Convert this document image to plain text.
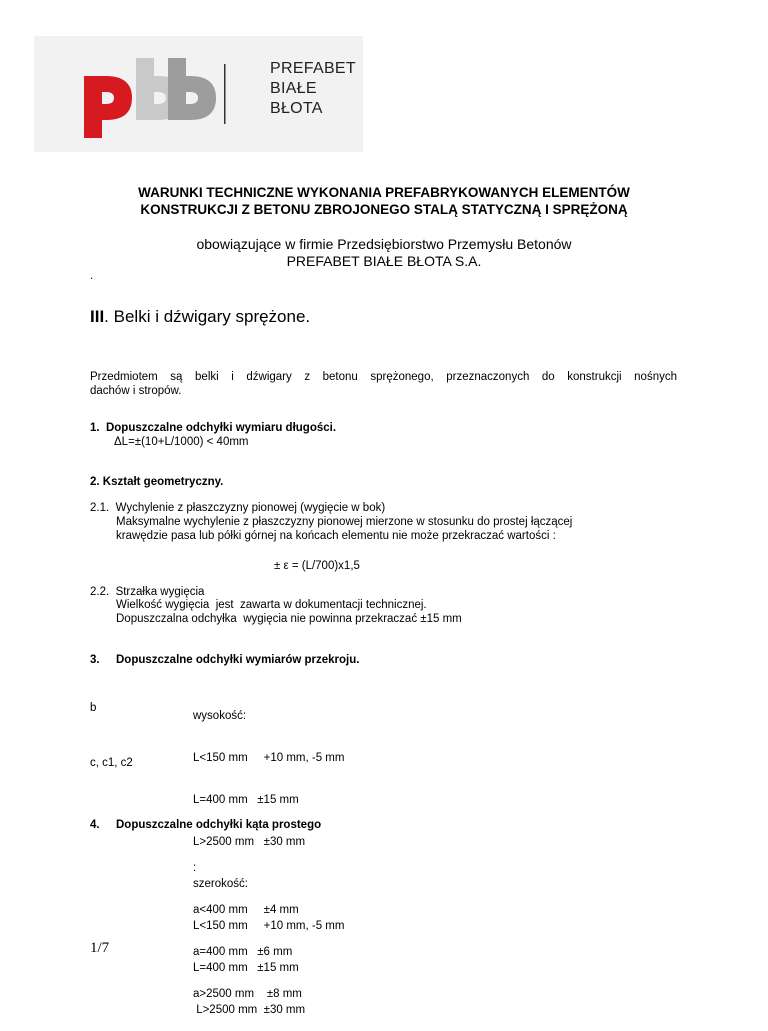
PREFABET
BIAŁE
BŁOTA
WARUNKI TECHNICZNE WYKONANIA PREFABRYKOWANYCH ELEMENTÓW
KONSTRUKCJI Z BETONU ZBROJONEGO STALĄ STATYCZNĄ I SPRĘŻONĄ
obowiązujące w firmie Przedsiębiorstwo Przemysłu Betonów
PREFABET BIAŁE BŁOTA S.A.
.
III. Belki i dźwigary sprężone.
Przedmiotem są belki i dźwigary z betonu sprężonego, przeznaczonych do konstrukcji nośnych
dachów i stropów.
1.  Dopuszczalne odchyłki wymiaru długości.
ΔL=±(10+L/1000) < 40mm
2. Kształt geometryczny.
2.1.  Wychylenie z płaszczyzny pionowej (wygięcie w bok)
Maksymalne wychylenie z płaszczyzny pionowej mierzone w stosunku do prostej łączącej
krawędzie pasa lub półki górnej na końcach elementu nie może przekraczać wartości :
± ε = (L/700)x1,5
2.2.  Strzałka wygięcia
Wielkość wygięcia  jest  zawarta w dokumentacji technicznej.
Dopuszczalna odchyłka  wygięcia nie powinna przekraczać ±15 mm
3. Dopuszczalne odchyłki wymiarów przekroju.
b
c, c1, c2

wysokość:

L<150 mm     +10 mm, -5 mm

L=400 mm   ±15 mm

L>2500 mm   ±30 mm

szerokość:

L<150 mm     +10 mm, -5 mm

L=400 mm   ±15 mm

L>2500 mm  ±30 mm

4. Dopuszczalne odchyłki kąta prostego

:

a<400 mm     ±4 mm

a=400 mm   ±6 mm

a>2500 mm    ±8 mm

1/7
